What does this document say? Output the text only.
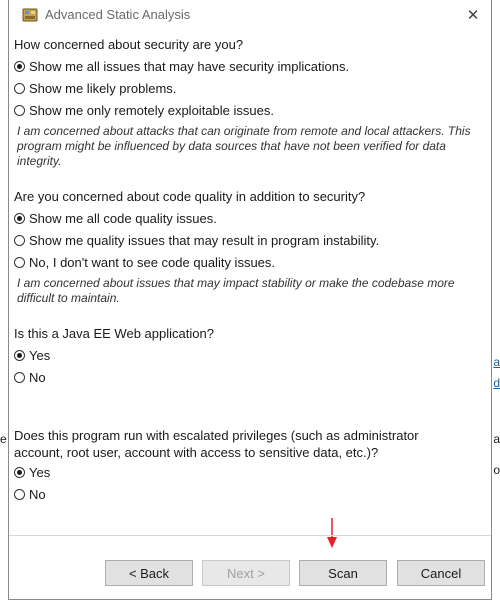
e	a
o
a
d
Advanced Static Analysis	✕
How concerned about security are you?
Show me all issues that may have security implications.
Show me likely problems.
Show me only remotely exploitable issues.
I am concerned about attacks that can originate from remote and local attackers. This program might be influenced by data sources that have not been verified for data integrity.
Are you concerned about code quality in addition to security?
Show me all code quality issues.
Show me quality issues that may result in program instability.
No, I don't want to see code quality issues.
I am concerned about issues that may impact stability or make the codebase more difficult to maintain.
Is this a Java EE Web application?
Yes
No
Does this program run with escalated privileges (such as administrator account, root user, account with access to sensitive data, etc.)?
Yes
No
< Back	Next >	Scan	Cancel
